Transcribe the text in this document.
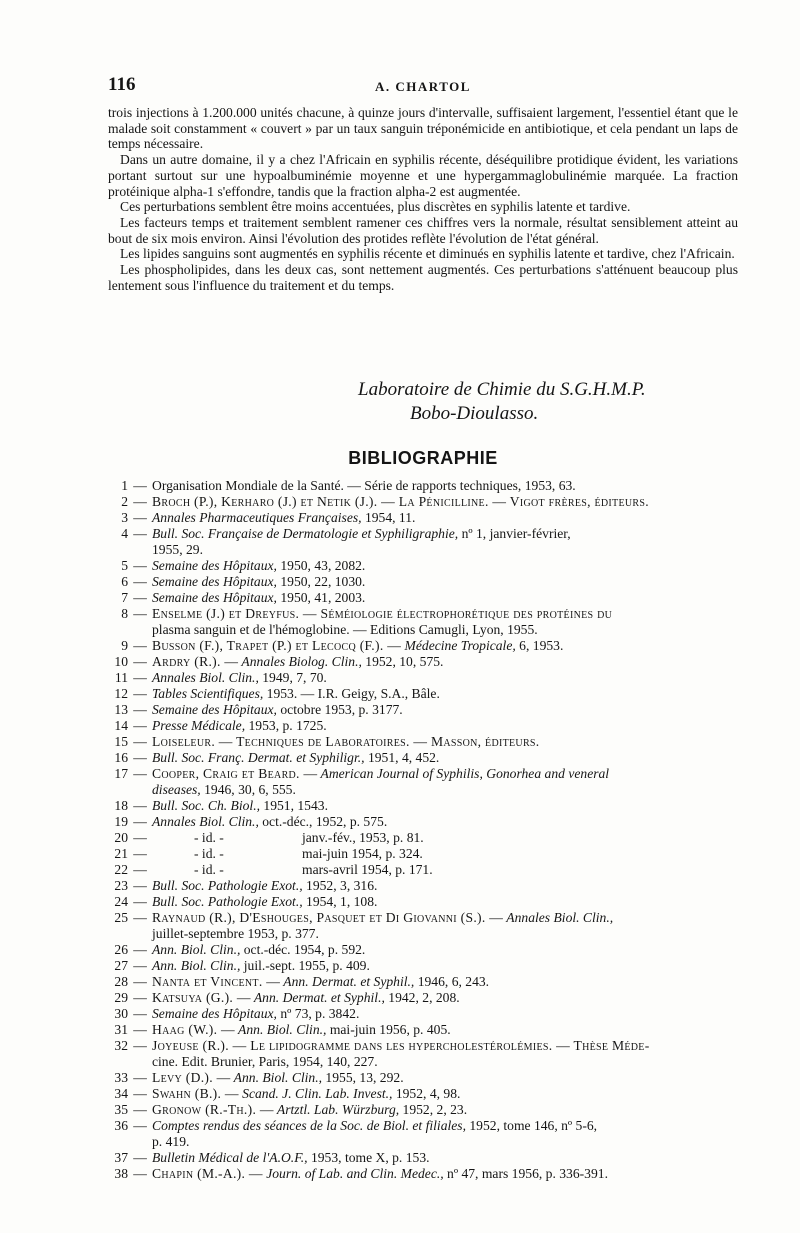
116	A. CHARTOL

trois injections à 1.200.000 unités chacune, à quinze jours d'intervalle, suffisaient largement, l'essentiel étant que le malade soit constamment « couvert » par un taux sanguin tréponémicide en antibiotique, et cela pendant un laps de temps nécessaire.

Dans un autre domaine, il y a chez l'Africain en syphilis récente, déséquilibre protidique évident, les variations portant surtout sur une hypoalbuminémie moyenne et une hypergammaglobulinémie marquée. La fraction protéinique alpha-1 s'effondre, tandis que la fraction alpha-2 est augmentée.

Ces perturbations semblent être moins accentuées, plus discrètes en syphilis latente et tardive.

Les facteurs temps et traitement semblent ramener ces chiffres vers la normale, résultat sensiblement atteint au bout de six mois environ. Ainsi l'évolution des protides reflète l'évolution de l'état général.

Les lipides sanguins sont augmentés en syphilis récente et diminués en syphilis latente et tardive, chez l'Africain.

Les phospholipides, dans les deux cas, sont nettement augmentés. Ces perturbations s'atténuent beaucoup plus lentement sous l'influence du traitement et du temps.

Laboratoire de Chimie du S.G.H.M.P.
Bobo-Dioulasso.
BIBLIOGRAPHIE
1 — Organisation Mondiale de la Santé. — Série de rapports techniques, 1953, 63.
2 — Broch (P.), Kerharo (J.) et Netik (J.). — La Pénicilline. — Vigot frères, éditeurs.
3 — Annales Pharmaceutiques Françaises, 1954, 11.
4 — Bull. Soc. Française de Dermatologie et Syphiligraphie, nº 1, janvier-février,
1955, 29.
5 — Semaine des Hôpitaux, 1950, 43, 2082.
6 — Semaine des Hôpitaux, 1950, 22, 1030.
7 — Semaine des Hôpitaux, 1950, 41, 2003.
8 — Enselme (J.) et Dreyfus. — Séméiologie électrophorétique des protéines du
plasma sanguin et de l'hémoglobine. — Editions Camugli, Lyon, 1955.
9 — Busson (F.), Trapet (P.) et Lecocq (F.). — Médecine Tropicale, 6, 1953.
10 — Ardry (R.). — Annales Biolog. Clin., 1952, 10, 575.
11 — Annales Biol. Clin., 1949, 7, 70.
12 — Tables Scientifiques, 1953. — I.R. Geigy, S.A., Bâle.
13 — Semaine des Hôpitaux, octobre 1953, p. 3177.
14 — Presse Médicale, 1953, p. 1725.
15 — Loiseleur. — Techniques de Laboratoires. — Masson, éditeurs.
16 — Bull. Soc. Franç. Dermat. et Syphiligr., 1951, 4, 452.
17 — Cooper, Craig et Beard. — American Journal of Syphilis, Gonorhea and veneral
diseases, 1946, 30, 6, 555.
18 — Bull. Soc. Ch. Biol., 1951, 1543.
19 — Annales Biol. Clin., oct.-déc., 1952, p. 575.
20 —	- id. -	janv.-fév., 1953, p. 81.
21 —	- id. -	mai-juin 1954, p. 324.
22 —	- id. -	mars-avril 1954, p. 171.
23 — Bull. Soc. Pathologie Exot., 1952, 3, 316.
24 — Bull. Soc. Pathologie Exot., 1954, 1, 108.
25 — Raynaud (R.), D'Eshouges, Pasquet et Di Giovanni (S.). — Annales Biol. Clin.,
juillet-septembre 1953, p. 377.
26 — Ann. Biol. Clin., oct.-déc. 1954, p. 592.
27 — Ann. Biol. Clin., juil.-sept. 1955, p. 409.
28 — Nanta et Vincent. — Ann. Dermat. et Syphil., 1946, 6, 243.
29 — Katsuya (G.). — Ann. Dermat. et Syphil., 1942, 2, 208.
30 — Semaine des Hôpitaux, nº 73, p. 3842.
31 — Haag (W.). — Ann. Biol. Clin., mai-juin 1956, p. 405.
32 — Joyeuse (R.). — Le lipidogramme dans les hypercholestérolémies. — Thèse Méde-
cine. Edit. Brunier, Paris, 1954, 140, 227.
33 — Levy (D.). — Ann. Biol. Clin., 1955, 13, 292.
34 — Swahn (B.). — Scand. J. Clin. Lab. Invest., 1952, 4, 98.
35 — Gronow (R.-Th.). — Artztl. Lab. Würzburg, 1952, 2, 23.
36 — Comptes rendus des séances de la Soc. de Biol. et filiales, 1952, tome 146, nº 5-6,
p. 419.
37 — Bulletin Médical de l'A.O.F., 1953, tome X, p. 153.
38 — Chapin (M.-A.). — Journ. of Lab. and Clin. Medec., nº 47, mars 1956, p. 336-391.
